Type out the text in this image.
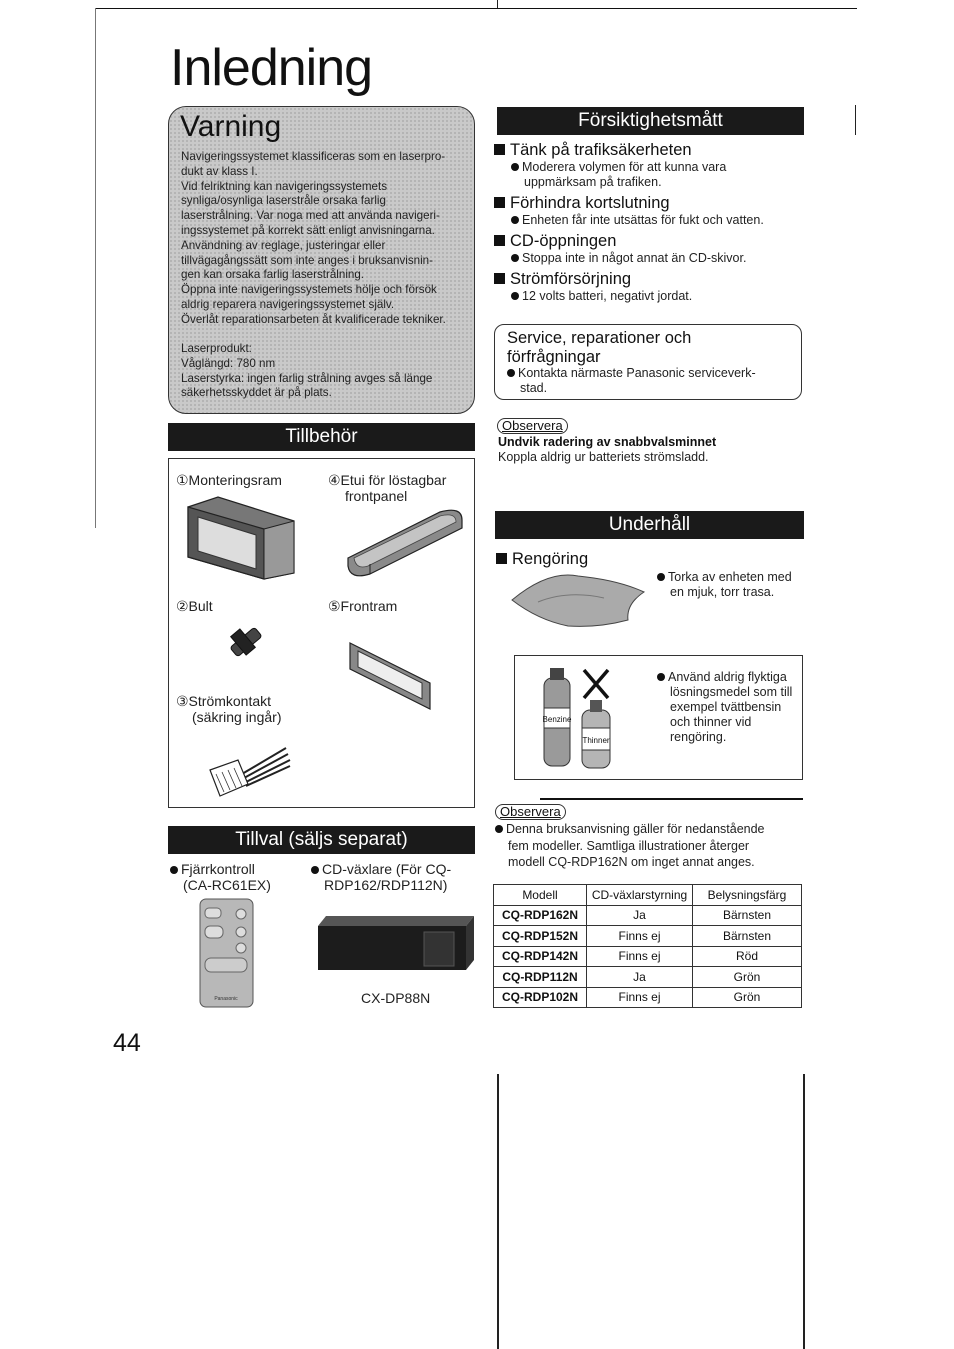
Inledning
Varning
Navigeringssystemet klassificeras som en laserpro-
dukt av klass I.
Vid felriktning kan navigeringssystemets
synliga/osynliga laserstråle orsaka farlig
laserstrålning. Var noga med att använda navigeri-
ingssystemet på korrekt sätt enligt anvisningarna.
Användning av reglage, justeringar eller
tillvägagångssätt som inte anges i bruksanvisnin-
gen kan orsaka farlig laserstrålning.
Öppna inte navigeringssystemets hölje och försök
aldrig reparera navigeringssystemet själv.
Överlåt reparationsarbeten åt kvalificerade tekniker.
Laserprodukt:
Våglängd: 780 nm
Laserstyrka: ingen farlig strålning avges så länge
säkerhetsskyddet är på plats.
Tillbehör
①Monteringsram	④Etui för löstagbar
frontpanel
②Bult	⑤Frontram
③Strömkontakt
(säkring ingår)
Tillval (säljs separat)
Fjärrkontroll
(CA-RC61EX)
CD-växlare (För CQ-
RDP162/RDP112N)
Panasonic	CX-DP88N
Försiktighetsmått
Tänk på trafiksäkerheten
Moderera volymen för att kunna vara
uppmärksam på trafiken.
Förhindra kortslutning
Enheten får inte utsättas för fukt och vatten.
CD-öppningen
Stoppa inte in något annat än CD-skivor.
Strömförsörjning
12 volts batteri, negativt jordat.
Service, reparationer och
förfrågningar
Kontakta närmaste Panasonic serviceverk-
stad.
Observera
Undvik radering av snabbvalsminnet
Koppla aldrig ur batteriets strömsladd.
Underhåll
Rengöring
Torka av enheten med
en mjuk, torr trasa.
Benzine
Thinner
Använd aldrig flyktiga
lösningsmedel som till
exempel tvättbensin
och thinner vid
rengöring.
Observera
Denna bruksanvisning gäller för nedanstående
fem modeller. Samtliga illustrationer återger
modell CQ-RDP162N om inget annat anges.
Modell	CD-växlarstyrning	Belysningsfärg
CQ-RDP162N	Ja	Bärnsten
CQ-RDP152N	Finns ej	Bärnsten
CQ-RDP142N	Finns ej	Röd
CQ-RDP112N	Ja	Grön
CQ-RDP102N	Finns ej	Grön
44
